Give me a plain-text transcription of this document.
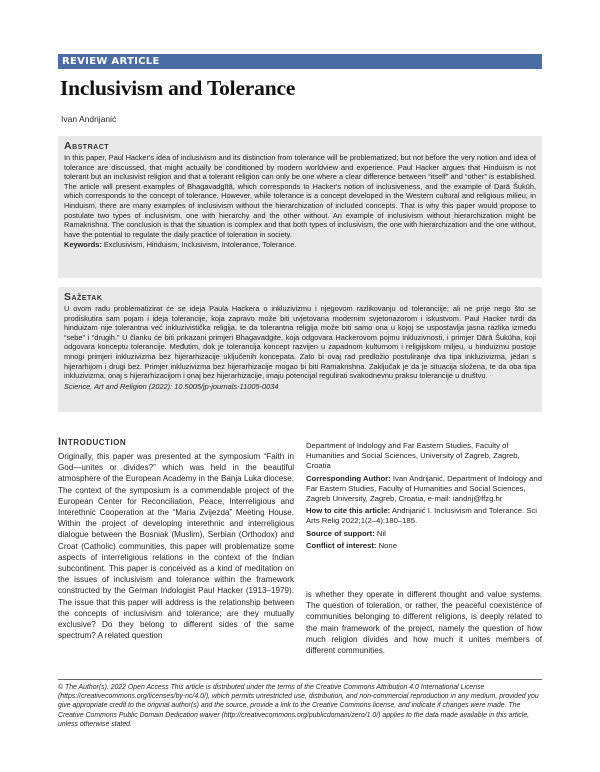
REVIEW ARTICLE
Inclusivism and Tolerance
Ivan Andrijanić
Abstract

In this paper, Paul Hacker's idea of inclusivism and its distinction from tolerance will be problematized; but not before the very notion and idea of tolerance are discussed, that might actually be conditioned by modern worldview and experience. Paul Hacker argues that Hinduism is not tolerant but an inclusivist religion and that a tolerant religion can only be one where a clear difference between “itself” and “other” is established. The article will present examples of Bhagavadgītā, which corresponds to Hacker's notion of inclusiveness, and the example of Darā Šukūh, which corresponds to the concept of tolerance. However, while tolerance is a concept developed in the Western cultural and religious milieu, in Hinduism, there are many examples of inclusivism without the hierarchization of included concepts. That is why this paper would propose to postulate two types of inclusivism, one with hierarchy and the other without. An example of inclusivism without hierarchization might be Ramakrishna. The conclusion is that the situation is complex and that both types of inclusivism, the one with hierarchization and the one without, have the potential to regulate the daily practice of toleration in society.

Keywords: Exclusivism, Hinduism, Inclusivism, Intolerance, Tolerance.

Sažetak

U ovom radu problematizirat će se ideja Paula Hackera o inkluzivizmu i njegovom razlikovanju od toleranciije; ali ne prije nego što se prodiskutira sam pojam i ideja tolerancije, koja zapravo može biti uvjetovana modernim svjetonazorom i iskustvom. Paul Hacker tvrdi da hinduizam nije tolerantna već inkluzivistička religija, te da tolerantna religija može biti samo ona u kojoj se uspostavlja jasna razlika između “sebe” i “drugih.” U članku će biti prikazani primjeri Bhagavadgite, koja odgovara Hackerovom pojmu inkluzivnosti, i primjer Dārā Šukūha, koji odgovara konceptu tolerancije. Međutim, dok je tolerancija koncept razvijen u zapadnom kulturnom i religijskom miljeu, u hinduizmu postoje mnogi primjeri inkluzivizma bez hijerarhizacije uključenih koncepata. Zato bi ovaj rad predložio postuliranje dva tipa inkluzivizma, jedan s hijerarhijom i drugi bez. Primjer inkluzivizma bez hijerarhizacije mogao bi biti Ramakrishna. Zaključak je da je situacija složena, te da oba tipa inkluzivizma, onaj s hijerarhizacijom i onaj bez hijerarhizacije, imaju potencijal regulirati svakodnevnu praksu tolerancije u društvu.

Science, Art and Religion (2022): 10.5005/jp-journals-11005-0034

Introduction

Originally, this paper was presented at the symposium “Faith in God—unites or divides?” which was held in the beautiful atmosphere of the European Academy in the Banja Luka diocese. The context of the symposium is a commendable project of the European Center for Reconciliation, Peace, Interreligious and Interethnic Cooperation at the “Maria Zvijezda” Meeting House. Within the project of developing interethnic and interreligious dialogue between the Bosniak (Muslim), Serbian (Orthodox) and Croat (Catholic) communities, this paper will problematize some aspects of interreligious relations in the context of the Indian subcontinent. This paper is conceived as a kind of meditation on the issues of inclusivism and tolerance within the framework constructed by the German Indologist Paul Hacker (1913–1979). The issue that this paper will address is the relationship between the concepts of inclusivism and tolerance; are they mutually exclusive? Do they belong to different sides of the same spectrum? A related question

Department of Indology and Far Eastern Studies, Faculty of Humanities and Social Sciences, University of Zagreb, Zagreb, Croatia

Corresponding Author: Ivan Andrijanić, Department of Indology and Far Eastern Studies, Faculty of Humanities and Social Sciences, Zagreb University, Zagreb, Croatia, e-mail: iandrij@ffzg.hr

How to cite this article: Andrijanić I. Inclusivism and Tolerance. Sci Arts Relig 2022;1(2–4):180–185.

Source of support: Nil

Conflict of interest: None

is whether they operate in different thought and value systems. The question of toleration, or rather, the peaceful coexistence of communities belonging to different religions, is deeply related to the main framework of the project, namely the question of how much religion divides and how much it unites members of different communities.

© The Author(s). 2022 Open Access This article is distributed under the terms of the Creative Commons Attribution 4.0 International License (https://creativecommons.org/licenses/by-nc/4.0/), which permits unrestricted use, distribution, and non-commercial reproduction in any medium, provided you give appropriate credit to the original author(s) and the source, provide a link to the Creative Commons license, and indicate if changes were made. The Creative Commons Public Domain Dedication waiver (http://creativecommons.org/publicdomain/zero/1.0/) applies to the data made available in this article, unless otherwise stated.
